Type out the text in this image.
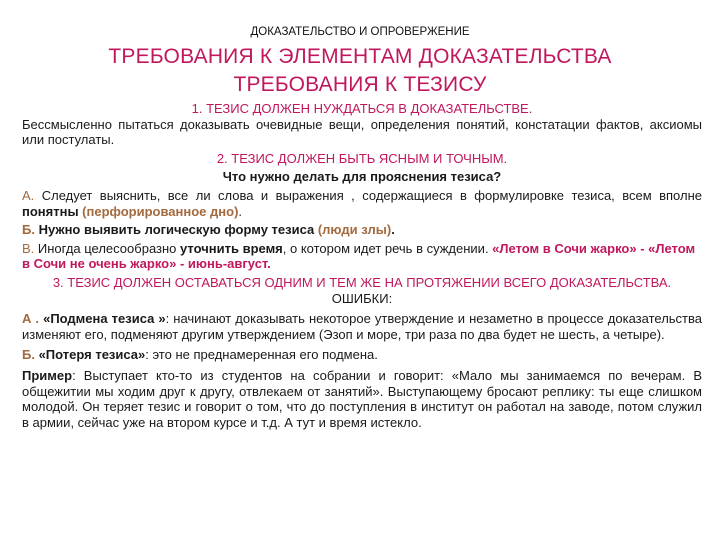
ДОКАЗАТЕЛЬСТВО И ОПРОВЕРЖЕНИЕ
ТРЕБОВАНИЯ К ЭЛЕМЕНТАМ ДОКАЗАТЕЛЬСТВА
ТРЕБОВАНИЯ К ТЕЗИСУ

1. ТЕЗИС ДОЛЖЕН НУЖДАТЬСЯ В ДОКАЗАТЕЛЬСТВЕ.

Бессмысленно пытаться доказывать очевидные вещи, определения понятий, констатации фактов, аксиомы или постулаты.

2. ТЕЗИС ДОЛЖЕН БЫТЬ ЯСНЫМ И ТОЧНЫМ.

Что нужно делать для прояснения тезиса?

А. Следует выяснить, все ли слова и выражения , содержащиеся в формулировке тезиса, всем вполне понятны (перфорированное дно).

Б. Нужно выявить логическую форму тезиса (люди злы).

В. Иногда целесообразно уточнить время, о котором идет речь в суждении. «Летом в Сочи жарко» - «Летом в Сочи не очень жарко» - июнь-август.

3. ТЕЗИС ДОЛЖЕН ОСТАВАТЬСЯ ОДНИМ И ТЕМ ЖЕ НА ПРОТЯЖЕНИИ ВСЕГО ДОКАЗАТЕЛЬСТВА.

ОШИБКИ:

А . «Подмена тезиса »: начинают доказывать некоторое утверждение и незаметно в процессе доказательства изменяют его, подменяют другим утверждением (Эзоп и море, три раза по два будет не шесть, а четыре).

Б. «Потеря тезиса»: это не преднамеренная его подмена.

Пример: Выступает кто-то из студентов на собрании и говорит: «Мало мы занимаемся по вечерам. В общежитии мы ходим друг к другу, отвлекаем от занятий». Выступающему бросают реплику: ты еще слишком молодой. Он теряет тезис и говорит о том, что до поступления в институт он работал на заводе, потом служил в армии, сейчас уже на втором курсе и т.д. А тут и время истекло.
